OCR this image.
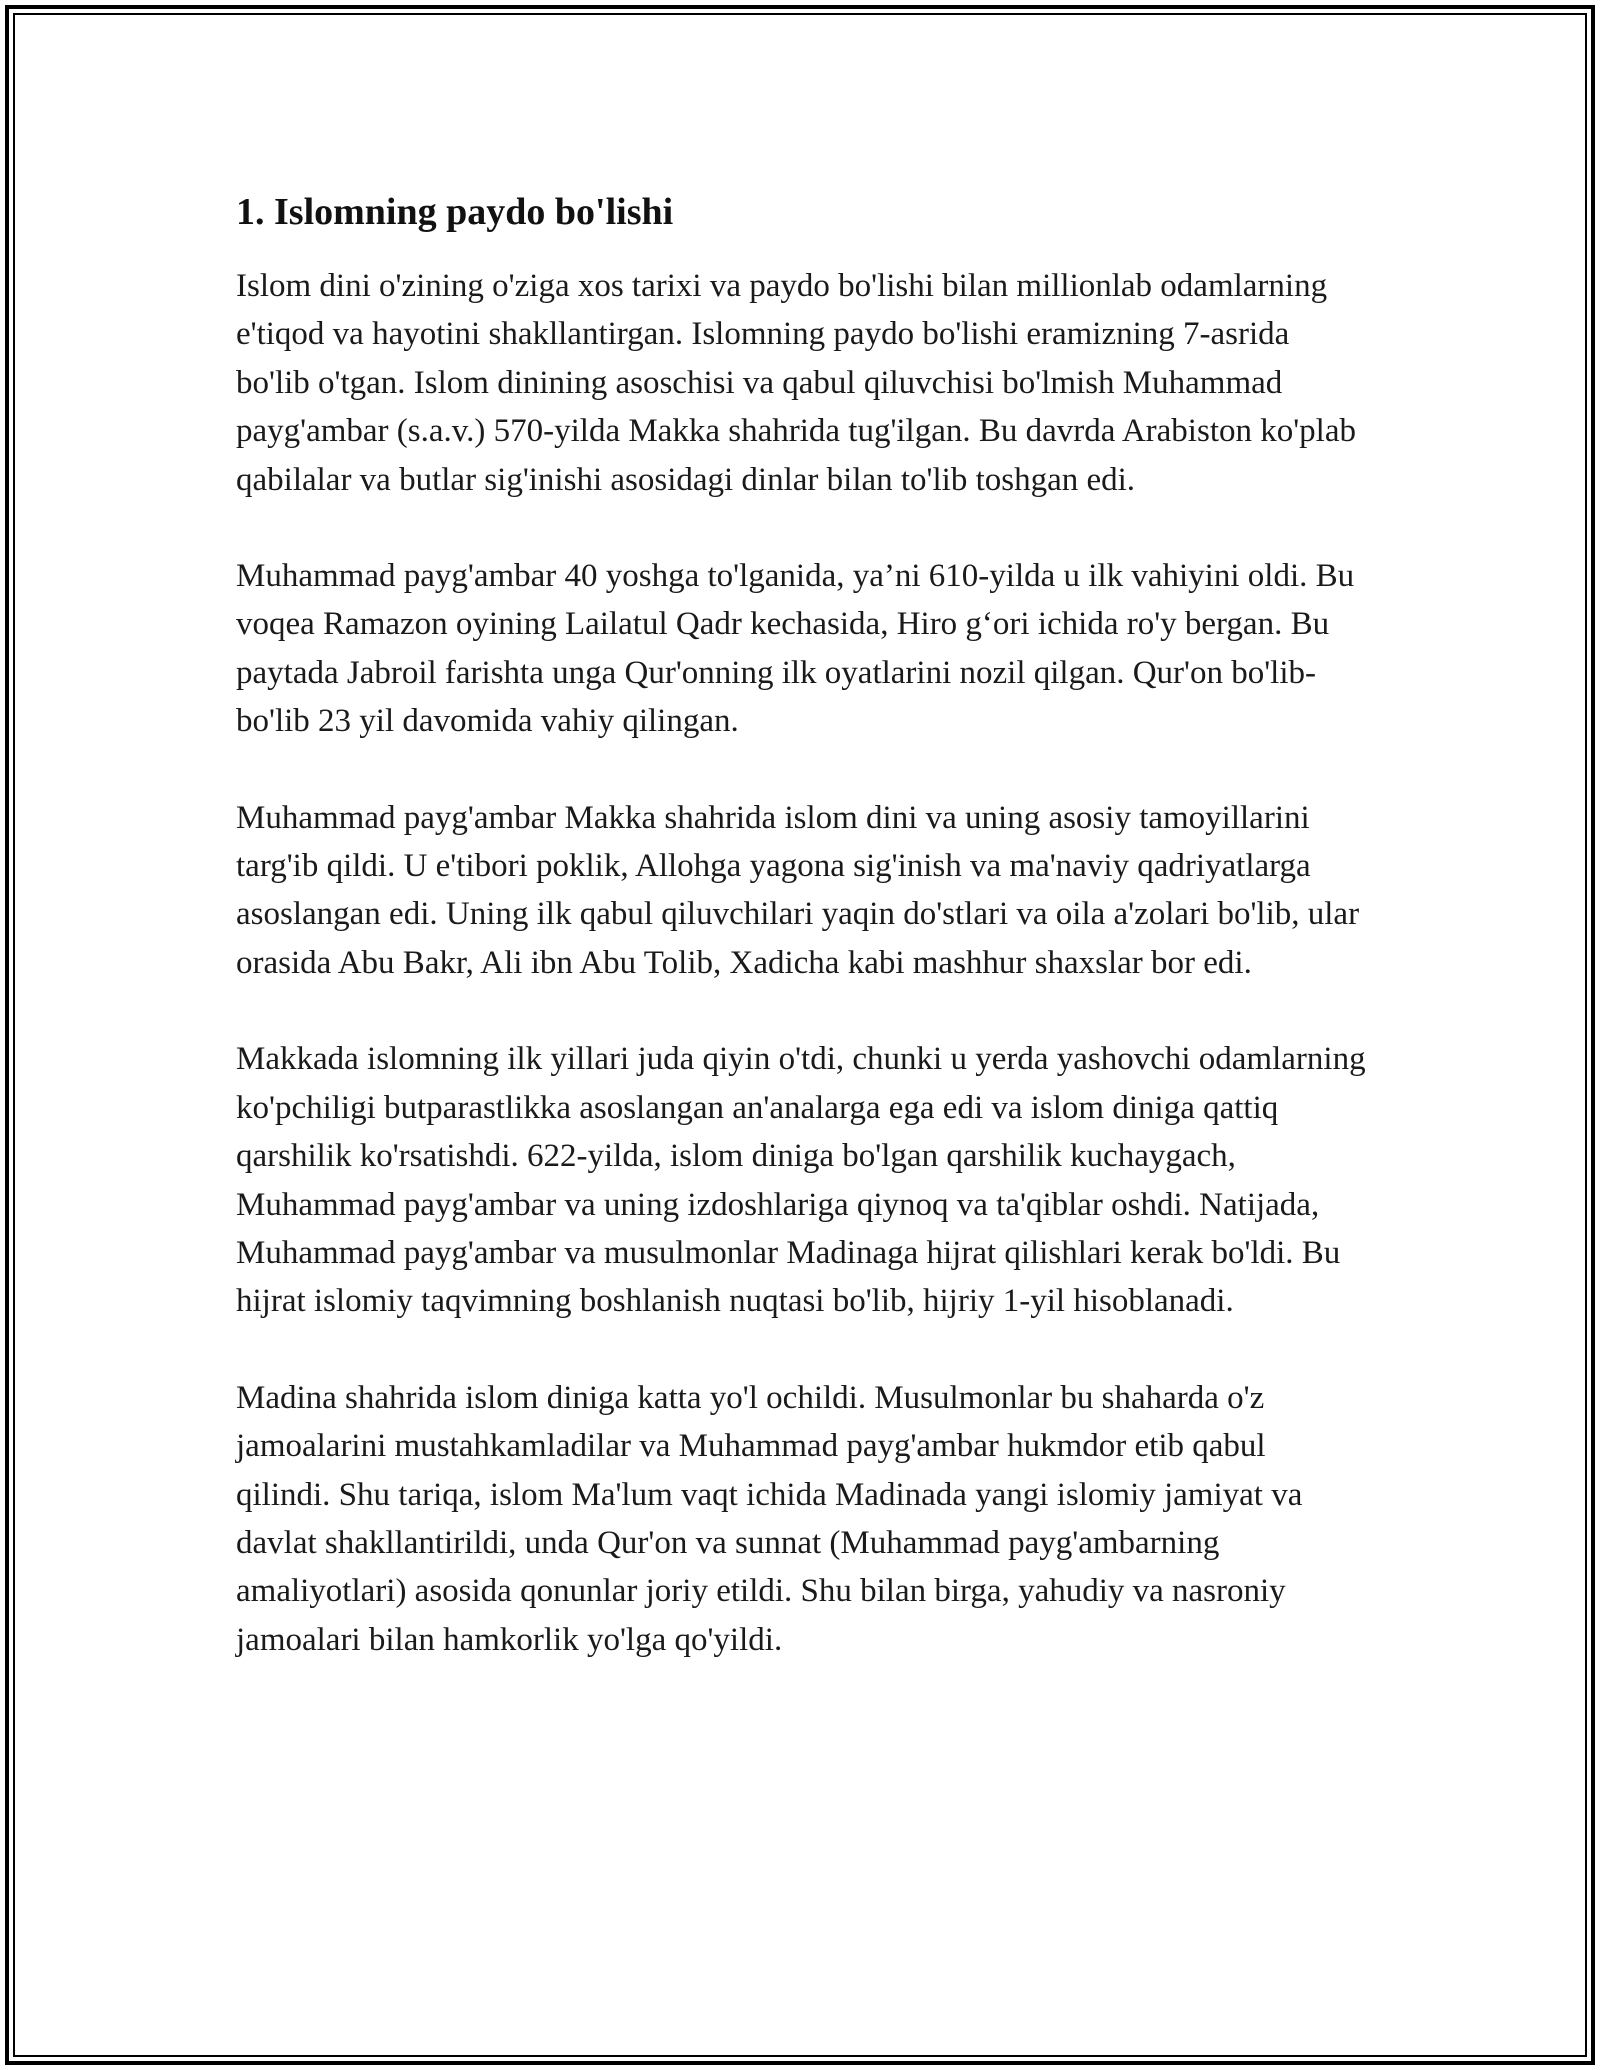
1. Islomning paydo bo'lishi

Islom dini o'zining o'ziga xos tarixi va paydo bo'lishi bilan millionlab odamlarning e'tiqod va hayotini shakllantirgan. Islomning paydo bo'lishi eramizning 7-asrida bo'lib o'tgan. Islom dinining asoschisi va qabul qiluvchisi bo'lmish Muhammad payg'ambar (s.a.v.) 570-yilda Makka shahrida tug'ilgan. Bu davrda Arabiston ko'plab qabilalar va butlar sig'inishi asosidagi dinlar bilan to'lib toshgan edi.

Muhammad payg'ambar 40 yoshga to'lganida, ya’ni 610-yilda u ilk vahiyini oldi. Bu voqea Ramazon oyining Lailatul Qadr kechasida, Hiro g‘ori ichida ro'y bergan. Bu paytada Jabroil farishta unga Qur'onning ilk oyatlarini nozil qilgan. Qur'on bo'lib-bo'lib 23 yil davomida vahiy qilingan.

Muhammad payg'ambar Makka shahrida islom dini va uning asosiy tamoyillarini targ'ib qildi. U e'tibori poklik, Allohga yagona sig'inish va ma'naviy qadriyatlarga asoslangan edi. Uning ilk qabul qiluvchilari yaqin do'stlari va oila a'zolari bo'lib, ular orasida Abu Bakr, Ali ibn Abu Tolib, Xadicha kabi mashhur shaxslar bor edi.

Makkada islomning ilk yillari juda qiyin o'tdi, chunki u yerda yashovchi odamlarning ko'pchiligi butparastlikka asoslangan an'analarga ega edi va islom diniga qattiq qarshilik ko'rsatishdi. 622-yilda, islom diniga bo'lgan qarshilik kuchaygach, Muhammad payg'ambar va uning izdoshlariga qiynoq va ta'qiblar oshdi. Natijada, Muhammad payg'ambar va musulmonlar Madinaga hijrat qilishlari kerak bo'ldi. Bu hijrat islomiy taqvimning boshlanish nuqtasi bo'lib, hijriy 1-yil hisoblanadi.

Madina shahrida islom diniga katta yo'l ochildi. Musulmonlar bu shaharda o'z jamoalarini mustahkamladilar va Muhammad payg'ambar hukmdor etib qabul qilindi. Shu tariqa, islom Ma'lum vaqt ichida Madinada yangi islomiy jamiyat va davlat shakllantirildi, unda Qur'on va sunnat (Muhammad payg'ambarning amaliyotlari) asosida qonunlar joriy etildi. Shu bilan birga, yahudiy va nasroniy jamoalari bilan hamkorlik yo'lga qo'yildi.
